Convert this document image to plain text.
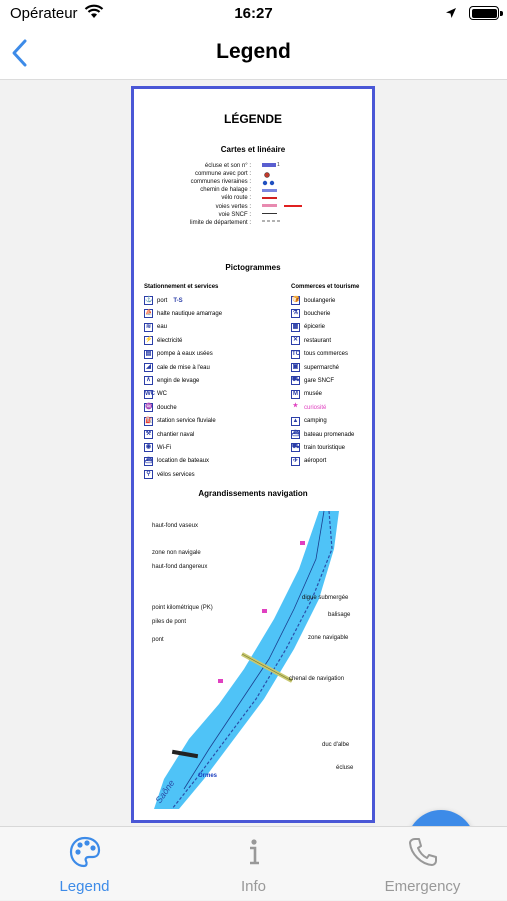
Opérateur	16:27
Legend
LÉGENDE
Cartes et linéaire
écluse et son n° :
commune avec port :
communes riveraines :
chemin de halage :
vélo route :
voies vertes :
voie SNCF :
limite de département :
1
Pictogrammes
Stationnement et services	Commerces et tourisme
⚓ port T-S
⛵ halte nautique amarrage
≋ eau
⚡ électricité
▤ pompe à eaux usées
◢	cale de mise à l'eau
⊼	engin de levage
WC WC
♒ douche
⛽ station service fluviale
⚒ chantier naval
◉ Wi-Fi
⛴ location de bateaux
⚲	vélos services
🍞 boulangerie
⚗ boucherie
▦ épicerie
✕ restaurant
TC tous commerces
▣ supermarché
⛟ gare SNCF
M	musée
★ curiosité
▲ camping
⛴ bateau promenade
⛟ train touristique
✈ aéroport
Agrandissements navigation
Saône
Ormes
haut-fond vaseux
zone non navigale
haut-fond dangereux
point kilométrique (PK)
piles de pont
pont
digue submergée
balisage
zone navigable
chenal de navigation
duc d'albe
écluse
Legend	Info	Emergency
